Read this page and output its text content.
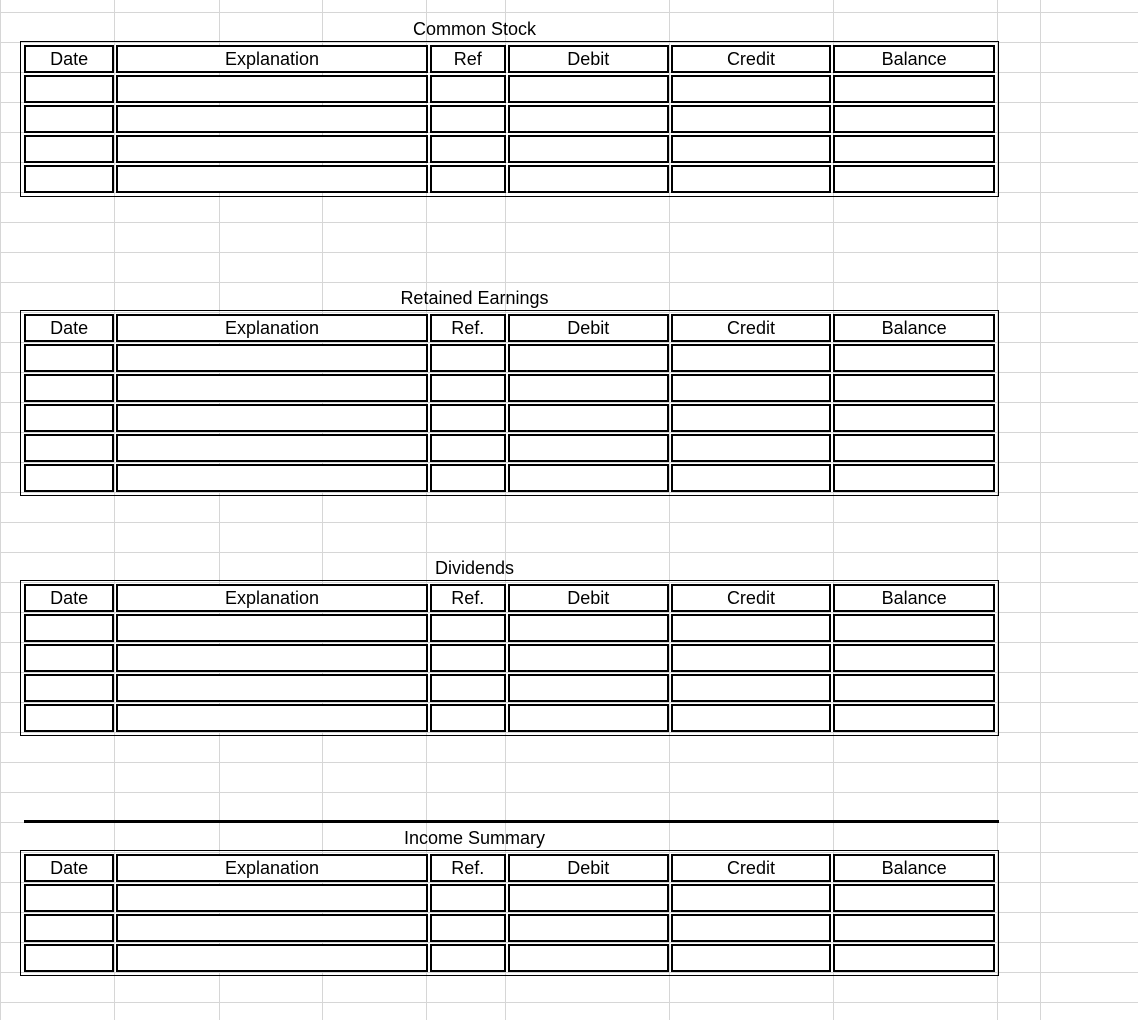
Common Stock
Date	Explanation	Ref	Debit	Credit	Balance

Retained Earnings
Date	Explanation	Ref.	Debit	Credit	Balance

Dividends
Date	Explanation	Ref.	Debit	Credit	Balance

Income Summary
Date	Explanation	Ref.	Debit	Credit	Balance
